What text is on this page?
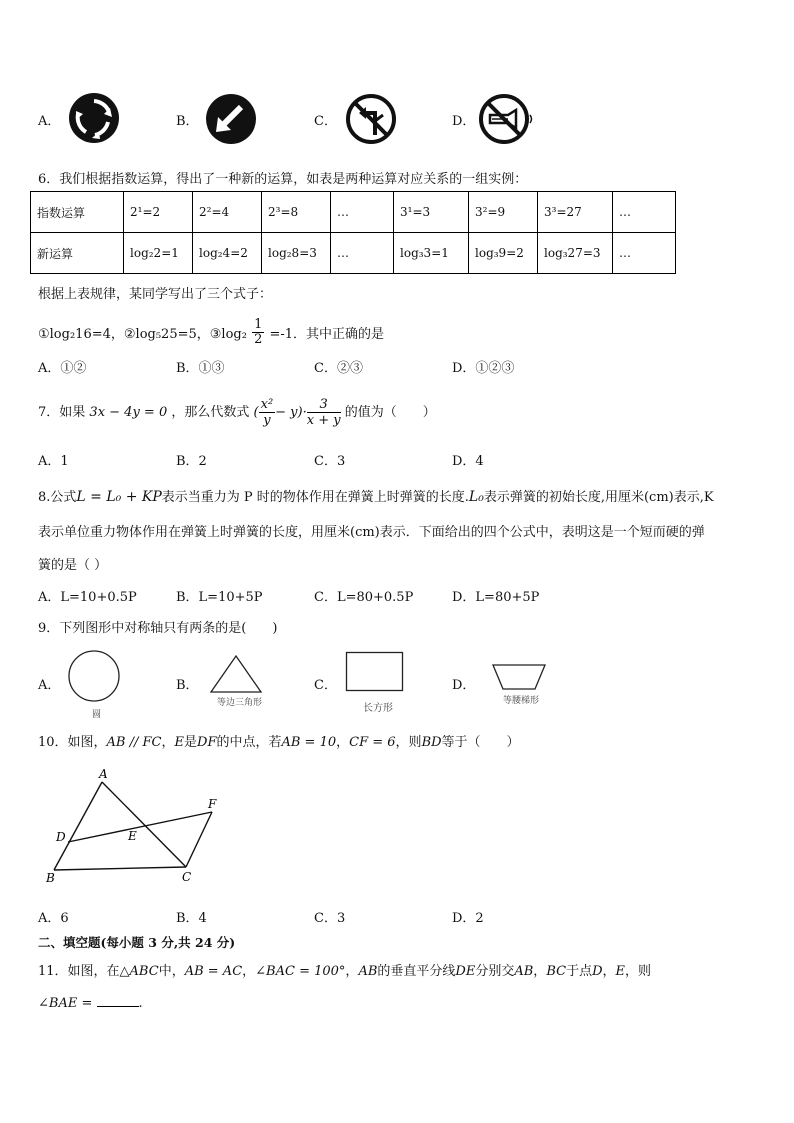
A．	B．	C．	D．
6．我们根据指数运算，得出了一种新的运算，如表是两种运算对应关系的一组实例：
指数运算	2¹=2	2²=4	2³=8	…	3¹=3	3²=9	3³=27	…
新运算	log₂2=1	log₂4=2	log₂8=3	…	log₃3=1	log₃9=2	log₃27=3	…
根据上表规律，某同学写出了三个式子：
①log₂16=4，②log₅25=5，③log₂ $\frac{1}{2} =-1$．其中正确的是
A．①②	B．①③	C．②③	D．①②③
7．如果 3x − 4y = 0 ，那么代数式 ( $\frac{\text{x²}}{y} - y)\cdot \frac{3}{x + y}$ 的值为（　　）
A．1	B．2	C．3	D．4
8.公式L = L₀ + KP表示当重力为 P 时的物体作用在弹簧上时弹簧的长度.L₀表示弹簧的初始长度,用厘米(cm)表示,K
表示单位重力物体作用在弹簧上时弹簧的长度，用厘米(cm)表示．下面给出的四个公式中，表明这是一个短而硬的弹
簧的是（ ）
A．L=10+0.5P	B．L=10+5P	C．L=80+0.5P	D．L=80+5P
9．下列图形中对称轴只有两条的是(　　)
A．
圆
B．
等边三角形
C．
长方形
D．
等腰梯形
10．如图，AB // FC，E是DF的中点，若AB = 10，CF = 6，则BD等于（　　）
A
F
D	E
B	C
A．6	B．4	C．3	D．2
二、填空题(每小题 3 分,共 24 分)
11．如图，在△ABC中，AB = AC，∠BAC = 100°，AB的垂直平分线DE分别交AB，BC于点D，E，则
∠BAE =	.
